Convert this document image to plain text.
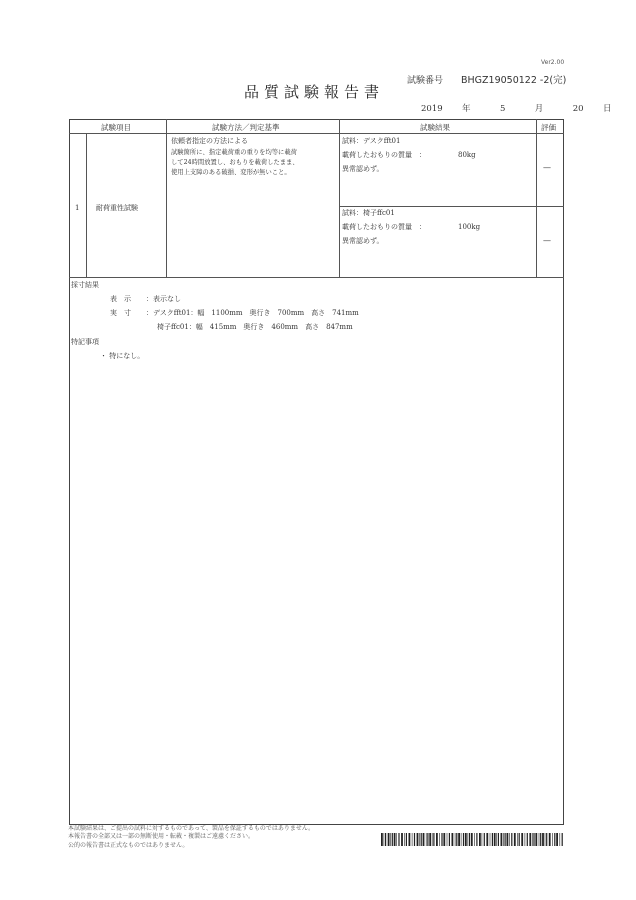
Ver2.00
品質試験報告書
試験番号 BHGZ19050122 -2(完)
2019 年	5	月	20 日
試験項目	試験方法／判定基準	試験結果	評価
1 耐荷重性試験
依頼者指定の方法による
試験箇所に、指定載荷重の重りを均等に載荷
して24時間放置し、おもりを載荷したまま、
使用上支障のある破損、変形が無いこと。
試料：デスクfft01
載荷したおもりの質量　：	80kg
異常認めず。	—
試料：椅子ffc01
載荷したおもりの質量　：	100kg
異常認めず。	—
採寸結果
表　示 ：表示なし
実　寸 ：デスクfft01：幅　1100mm　奥行き　700mm　高さ　741mm
椅子ffc01：幅　415mm　奥行き　460mm　高さ　847mm
特記事項
・ 特になし。
本試験結果は、ご提出の試料に対するものであって、製品を保証するものではありません。
本報告書の全部又は一部の無断使用・転載・複製はご遠慮ください。
公的の報告書は正式なものではありません。
